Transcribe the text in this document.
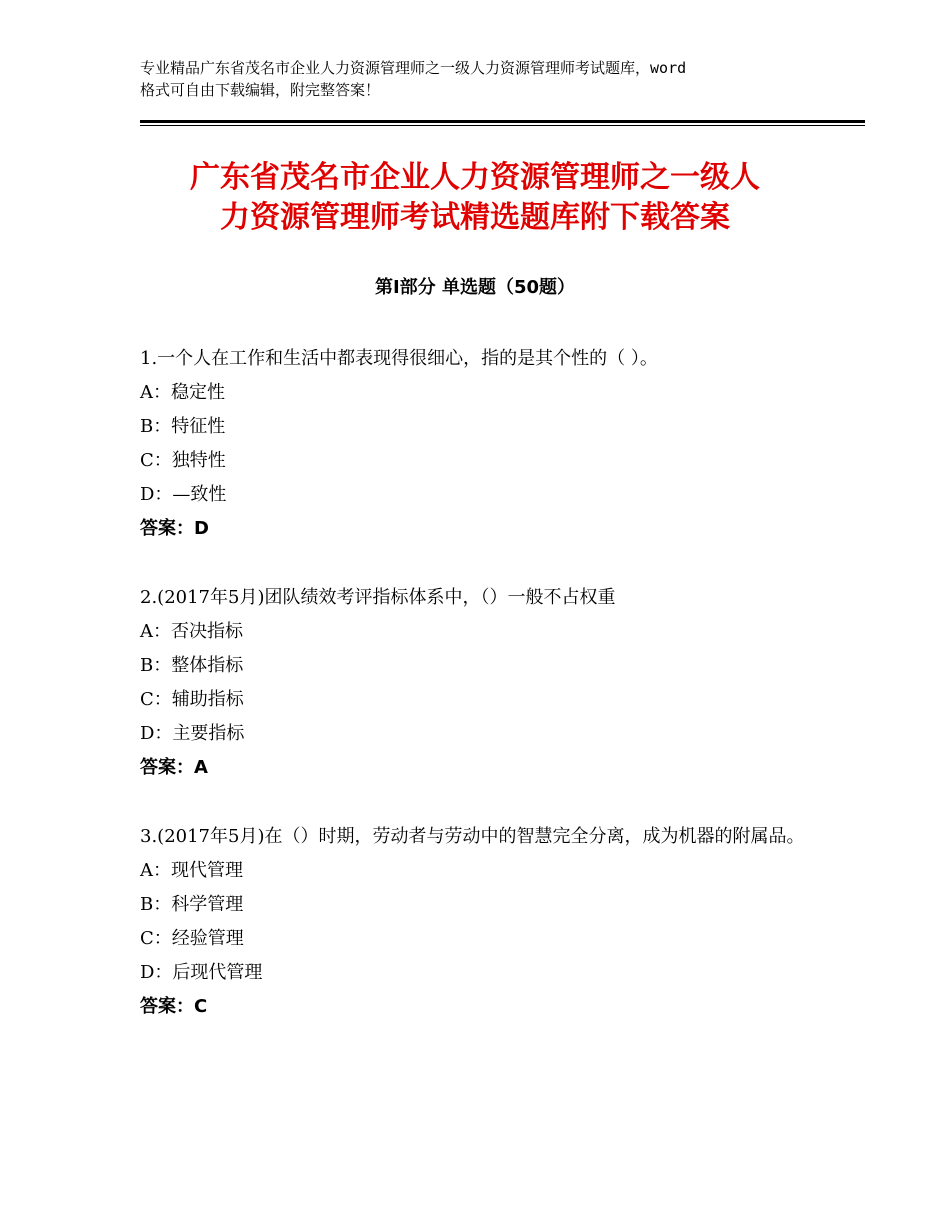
专业精品广东省茂名市企业人力资源管理师之一级人力资源管理师考试题库，word
格式可自由下载编辑，附完整答案！
广东省茂名市企业人力资源管理师之一级人
力资源管理师考试精选题库附下载答案
第Ⅰ部分 单选题（50题）
1.一个人在工作和生活中都表现得很细心，指的是其个性的（ ）。
A：稳定性
B：特征性
C：独特性
D：—致性
答案：D
2.(2017年5月)团队绩效考评指标体系中，（）一般不占权重
A：否决指标
B：整体指标
C：辅助指标
D：主要指标
答案：A
3.(2017年5月)在（）时期，劳动者与劳动中的智慧完全分离，成为机器的附属品。
A：现代管理
B：科学管理
C：经验管理
D：后现代管理
答案：C
